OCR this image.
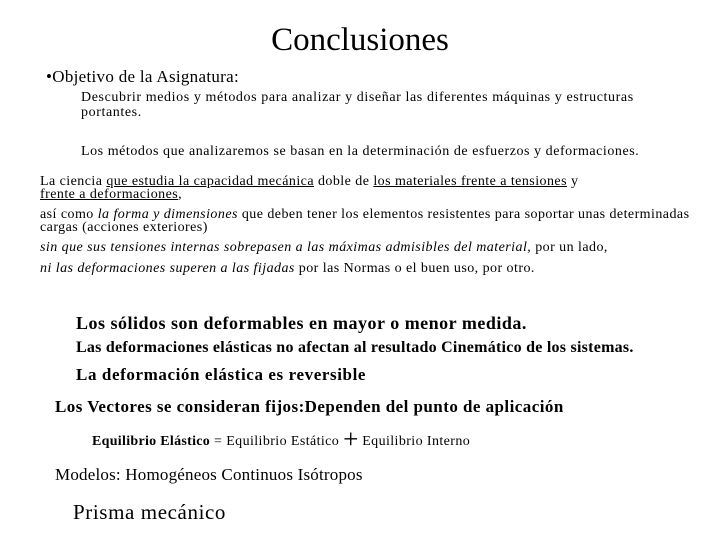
Conclusiones
•Objetivo de la Asignatura:
Descubrir medios y métodos para analizar y diseñar las diferentes máquinas y estructuras portantes.
Los métodos que analizaremos se basan en la determinación de esfuerzos y deformaciones.
La ciencia que estudia la capacidad mecánica doble de los materiales frente a tensiones y
frente a deformaciones,
así como la forma y dimensiones que deben tener los elementos resistentes para soportar unas determinadas cargas (acciones exteriores)
sin que sus tensiones internas sobrepasen a las máximas admisibles del material, por un lado,
ni las deformaciones superen a las fijadas por las Normas o el buen uso, por otro.
Los sólidos son deformables en mayor o menor medida.
Las deformaciones elásticas no afectan al resultado Cinemático de los sistemas.
La deformación elástica es reversible
Los Vectores se consideran fijos:Dependen del punto de aplicación
Equilibrio Elástico = Equilibrio Estático + Equilibrio Interno
Modelos: Homogéneos Continuos Isótropos
Prisma mecánico
